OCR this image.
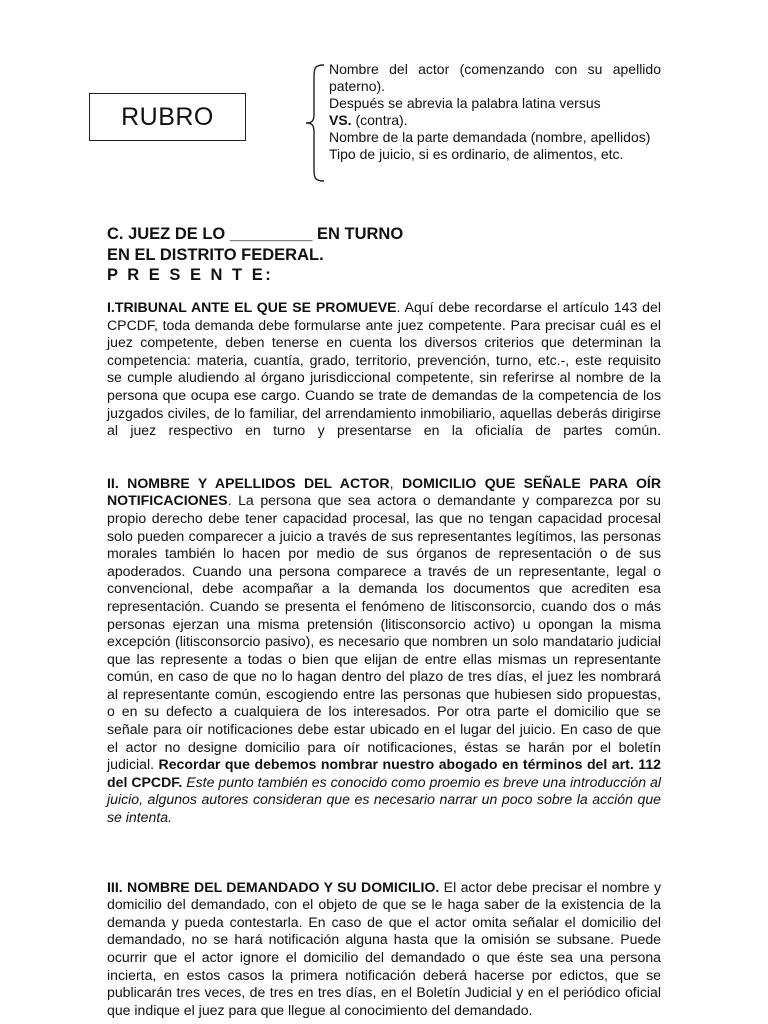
RUBRO

Nombre del actor (comenzando con su apellido paterno).

Después se abrevia la palabra latina versus
VS. (contra).

Nombre de la parte demandada (nombre, apellidos)

Tipo de juicio, si es ordinario, de alimentos, etc.

C. JUEZ DE LO _________ EN TURNO
EN EL DISTRITO FEDERAL.
P R E S E N T E:

I.TRIBUNAL ANTE EL QUE SE PROMUEVE. Aquí debe recordarse el artículo 143 del CPCDF, toda demanda debe formularse ante juez competente. Para precisar cuál es el juez competente, deben tenerse en cuenta los diversos criterios que determinan la competencia: materia, cuantía, grado, territorio, prevención, turno, etc.-, este requisito se cumple aludiendo al órgano jurisdiccional competente, sin referirse al nombre de la persona que ocupa ese cargo. Cuando se trate de demandas de la competencia de los juzgados civiles, de lo familiar, del arrendamiento inmobiliario, aquellas deberás dirigirse al juez respectivo en turno y presentarse en la oficialía de partes común.

II. NOMBRE Y APELLIDOS DEL ACTOR, DOMICILIO QUE SEÑALE PARA OÍR NOTIFICACIONES. La persona que sea actora o demandante y comparezca por su propio derecho debe tener capacidad procesal, las que no tengan capacidad procesal solo pueden comparecer a juicio a través de sus representantes legítimos, las personas morales también lo hacen por medio de sus órganos de representación o de sus apoderados. Cuando una persona comparece a través de un representante, legal o convencional, debe acompañar a la demanda los documentos que acrediten esa representación. Cuando se presenta el fenómeno de litisconsorcio, cuando dos o más personas ejerzan una misma pretensión (litisconsorcio activo) u opongan la misma excepción (litisconsorcio pasivo), es necesario que nombren un solo mandatario judicial que las represente a todas o bien que elijan de entre ellas mismas un representante común, en caso de que no lo hagan dentro del plazo de tres días, el juez les nombrará al representante común, escogiendo entre las personas que hubiesen sido propuestas, o en su defecto a cualquiera de los interesados. Por otra parte el domicilio que se señale para oír notificaciones debe estar ubicado en el lugar del juicio. En caso de que el actor no designe domicilio para oír notificaciones, éstas se harán por el boletín judicial. Recordar que debemos nombrar nuestro abogado en términos del art. 112 del CPCDF. Este punto también es conocido como proemio es breve una introducción al juicio, algunos autores consideran que es necesario narrar un poco sobre la acción que se intenta.

III. NOMBRE DEL DEMANDADO Y SU DOMICILIO. El actor debe precisar el nombre y domicilio del demandado, con el objeto de que se le haga saber de la existencia de la demanda y pueda contestarla. En caso de que el actor omita señalar el domicilio del demandado, no se hará notificación alguna hasta que la omisión se subsane. Puede ocurrir que el actor ignore el domicilio del demandado o que éste sea una persona incierta, en estos casos la primera notificación deberá hacerse por edictos, que se publicarán tres veces, de tres en tres días, en el Boletín Judicial y en el periódico oficial que indique el juez para que llegue al conocimiento del demandado.
